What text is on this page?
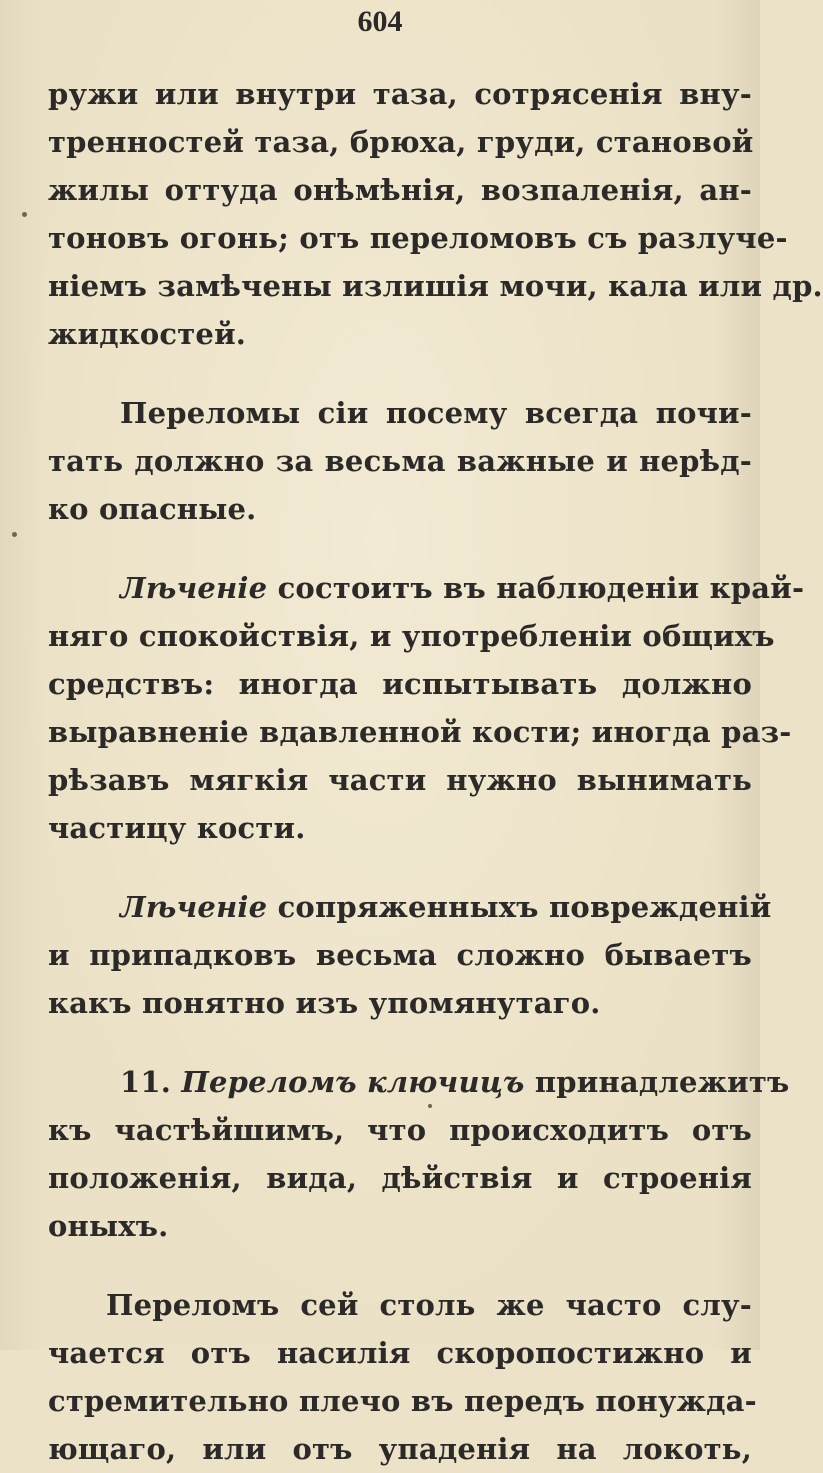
604
ружи или внутри таза, сотрясенія вну-
тренностей таза, брюха, груди, становой
жилы оттуда онѣмѣнія, возпаленія, ан-
тоновъ огонь; отъ переломовъ съ разлуче-
ніемъ замѣчены излишія мочи, кала или др.
жидкостей.
Переломы сіи посему всегда почи-
тать должно за весьма важные и нерѣд-
ко опасные.
Лѣченіе состоитъ въ наблюденіи край-
няго спокойствія, и употребленіи общихъ
средствъ: иногда испытывать должно
выравненіе вдавленной кости; иногда раз-
рѣзавъ мягкія части нужно вынимать
частицу кости.
Лѣченіе сопряженныхъ поврежденій
и припадковъ весьма сложно бываетъ
какъ понятно изъ упомянутаго.
11. Переломъ ключицъ принадлежитъ
къ частѣйшимъ, что происходитъ отъ
положенія, вида, дѣйствія и строенія
оныхъ.
Переломъ сей столь же часто слу-
чается отъ насилія скоропостижно и
стремительно плечо въ передъ понужда-
ющаго, или отъ упаденія на локоть,
